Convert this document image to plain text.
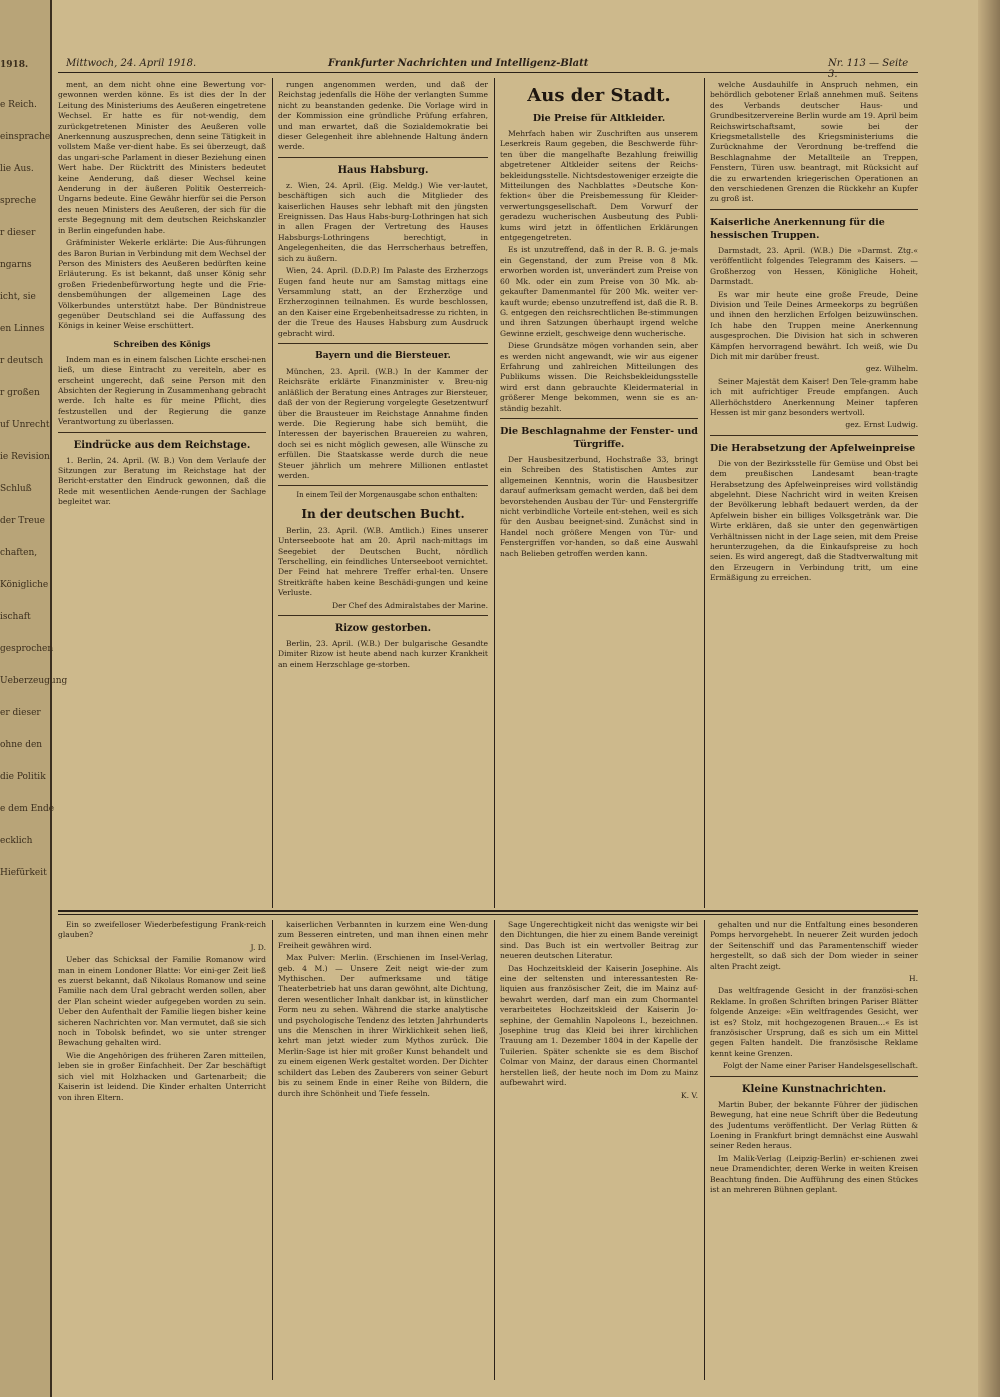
1918.
e Reich.
einsprache
lie Aus.
spreche
r dieser
ngarns
icht, sie
en Linnes
r deutsch
r großen
uf Unrecht
ie Revision
Schluß
der Treue
chaften,
Königliche
ischaft
gesprochen
Ueberzeugung
er dieser
ohne den
die Politik
e dem Ende
ecklich
Hiefürkeit
Mittwoch, 24. April 1918.	Frankfurter Nachrichten und Intelligenz-Blatt	Nr. 113 — Seite 3.

ment, an dem nicht ohne eine Bewertung vor-gewonnen werden könne. Es ist dies der In der Leitung des Ministeriums des Aeußeren eingetretene Wechsel. Er hatte es für not-wendig, dem zurückgetretenen Minister des Aeußeren volle Anerkennung auszusprechen, denn seine Tätigkeit in vollstem Maße ver-dient habe. Es sei überzeugt, daß das ungari-sche Parlament in dieser Beziehung einen Wert habe. Der Rücktritt des Ministers bedeutet keine Aenderung, daß dieser Wechsel keine Aenderung in der äußeren Politik Oesterreich-Ungarns bedeute. Eine Gewähr hierfür sei die Person des neuen Ministers des Aeußeren, der sich für die erste Begegnung mit dem deutschen Reichskanzler in Berlin eingefunden habe.

Gräfminister Wekerle erklärte: Die Aus-führungen des Baron Burian in Verbindung mit dem Wechsel der Person des Ministers des Aeußeren bedürften keine Erläuterung. Es ist bekannt, daß unser König sehr großen Friedenbefürwortung hegte und die Frie-densbemühungen der allgemeinen Lage des Völkerbundes unterstützt habe. Der Bündnistreue gegenüber Deutschland sei die Auffassung des Königs in keiner Weise erschüttert.

Schreiben des Königs

Indem man es in einem falschen Lichte erschei-nen ließ, um diese Eintracht zu vereiteln, aber es erscheint ungerecht, daß seine Person mit den Absichten der Regierung in Zusammenhang gebracht werde. Ich halte es für meine Pflicht, dies festzustellen und der Regierung die ganze Verantwortung zu überlassen.

Eindrücke aus dem Reichstage.

1. Berlin, 24. April. (W. B.) Von dem Verlaufe der Sitzungen zur Beratung im Reichstage hat der Bericht-erstatter den Eindruck gewonnen, daß die Rede mit wesentlichen Aende-rungen der Sachlage begleitet war.

rungen angenommen werden, und daß der Reichstag jedenfalls die Höhe der verlangten Summe nicht zu beanstanden gedenke. Die Vorlage wird in der Kommission eine gründliche Prüfung erfahren, und man erwartet, daß die Sozialdemokratie bei dieser Gelegenheit ihre ablehnende Haltung ändern werde.

Haus Habsburg.

z. Wien, 24. April. (Eig. Meldg.) Wie ver-lautet, beschäftigen sich auch die Mitglieder des kaiserlichen Hauses sehr lebhaft mit den jüngsten Ereignissen. Das Haus Habs-burg-Lothringen hat sich in allen Fragen der Vertretung des Hauses Habsburgs-Lothringens berechtigt, in Angelegenheiten, die das Herrscherhaus betreffen, sich zu äußern.

Wien, 24. April. (D.D.P.) Im Palaste des Erzherzogs Eugen fand heute nur am Samstag mittags eine Versammlung statt, an der Erzherzöge und Erzherzoginnen teilnahmen. Es wurde beschlossen, an den Kaiser eine Ergebenheitsadresse zu richten, in der die Treue des Hauses Habsburg zum Ausdruck gebracht wird.

Bayern und die Biersteuer.

München, 23. April. (W.B.) In der Kammer der Reichsräte erklärte Finanzminister v. Breu-nig anläßlich der Beratung eines Antrages zur Biersteuer, daß der von der Regierung vorgelegte Gesetzentwurf über die Brausteuer im Reichstage Annahme finden werde. Die Regierung habe sich bemüht, die Interessen der bayerischen Brauereien zu wahren, doch sei es nicht möglich gewesen, alle Wünsche zu erfüllen. Die Staatskasse werde durch die neue Steuer jährlich um mehrere Millionen entlastet werden.

In einem Teil der Morgenausgabe schon enthalten:

In der deutschen Bucht.

Berlin, 23. April. (W.B. Amtlich.) Eines unserer Unterseeboote hat am 20. April nach-mittags im Seegebiet der Deutschen Bucht, nördlich Terschelling, ein feindliches Unterseeboot vernichtet. Der Feind hat mehrere Treffer erhal-ten. Unsere Streitkräfte haben keine Beschädi-gungen und keine Verluste.

Der Chef des Admiralstabes der Marine.

Rizow gestorben.

Berlin, 23. April. (W.B.) Der bulgarische Gesandte Dimiter Rizow ist heute abend nach kurzer Krankheit an einem Herzschlage ge-storben.

Aus der Stadt.
Die Preise für Altkleider.

Mehrfach haben wir Zuschriften aus unserem Leserkreis Raum gegeben, die Beschwerde führ-ten über die mangelhafte Bezahlung freiwillig abgetretener Altkleider seitens der Reichs-bekleidungsstelle. Nichtsdestoweniger erzeigte die Mitteilungen des Nachblattes »Deutsche Kon-fektion« über die Preisbemessung für Kleider-verwertungsgesellschaft. Dem Vorwurf der geradezu wucherischen Ausbeutung des Publi-kums wird jetzt in öffentlichen Erklärungen entgegengetreten.

Es ist unzutreffend, daß in der R. B. G. je-mals ein Gegenstand, der zum Preise von 8 Mk. erworben worden ist, unverändert zum Preise von 60 Mk. oder ein zum Preise von 30 Mk. ab-gekaufter Damenmantel für 200 Mk. weiter ver-kauft wurde; ebenso unzutreffend ist, daß die R. B. G. entgegen den reichsrechtlichen Be-stimmungen und ihren Satzungen überhaupt irgend welche Gewinne erzielt, geschweige denn wucherische.

Diese Grundsätze mögen vorhanden sein, aber es werden nicht angewandt, wie wir aus eigener Erfahrung und zahlreichen Mitteilungen des Publikums wissen. Die Reichsbekleidungsstelle wird erst dann gebrauchte Kleidermaterial in größerer Menge bekommen, wenn sie es an-ständig bezahlt.

Die Beschlagnahme der Fenster- und Türgriffe.

Der Hausbesitzerbund, Hochstraße 33, bringt ein Schreiben des Statistischen Amtes zur allgemeinen Kenntnis, worin die Hausbesitzer darauf aufmerksam gemacht werden, daß bei dem bevorstehenden Ausbau der Tür- und Fenstergriffe nicht verbindliche Vorteile ent-stehen, weil es sich für den Ausbau beeignet-sind. Zunächst sind in Handel noch größere Mengen von Tür- und Fenstergriffen vor-handen, so daß eine Auswahl nach Belieben getroffen werden kann.

welche Ausdauhilfe in Anspruch nehmen, ein behördlich gebotener Erlaß annehmen muß. Seitens des Verbands deutscher Haus- und Grundbesitzervereine Berlin wurde am 19. April beim Reichswirtschaftsamt, sowie bei der Kriegsmetallstelle des Kriegsministeriums die Zurücknahme der Verordnung be-treffend die Beschlagnahme der Metallteile an Treppen, Fenstern, Türen usw. beantragt, mit Rücksicht auf die zu erwartenden kriegerischen Operationen an den verschiedenen Grenzen die Rückkehr an Kupfer zu groß ist.

Kaiserliche Anerkennung für die hessischen Truppen.

Darmstadt, 23. April. (W.B.) Die »Darmst. Ztg.« veröffentlicht folgendes Telegramm des Kaisers. — Großherzog von Hessen, Königliche Hoheit, Darmstadt.

Es war mir heute eine große Freude, Deine Division und Teile Deines Armeekorps zu begrüßen und ihnen den herzlichen Erfolgen beizuwünschen. Ich habe den Truppen meine Anerkennung ausgesprochen. Die Division hat sich in schweren Kämpfen hervorragend bewährt. Ich weiß, wie Du Dich mit mir darüber freust.

gez. Wilhelm.

Seiner Majestät dem Kaiser! Den Tele-gramm habe ich mit aufrichtiger Freude empfangen. Auch Allerhöchstdero Anerkennung Meiner tapferen Hessen ist mir ganz besonders wertvoll.

gez. Ernst Ludwig.

Die Herabsetzung der Apfelweinpreise

Die von der Bezirksstelle für Gemüse und Obst bei dem preußischen Landesamt bean-tragte Herabsetzung des Apfelweinpreises wird vollständig abgelehnt. Diese Nachricht wird in weiten Kreisen der Bevölkerung lebhaft bedauert werden, da der Apfelwein bisher ein billiges Volksgetränk war. Die Wirte erklären, daß sie unter den gegenwärtigen Verhältnissen nicht in der Lage seien, mit dem Preise herunterzugehen, da die Einkaufspreise zu hoch seien. Es wird angeregt, daß die Stadtverwaltung mit den Erzeugern in Verbindung tritt, um eine Ermäßigung zu erreichen.

Ein so zweifelloser Wiederbefestigung Frank-reich glauben?

J. D.

Ueber das Schicksal der Familie Romanow wird man in einem Londoner Blatte: Vor eini-ger Zeit ließ es zuerst bekannt, daß Nikolaus Romanow und seine Familie nach dem Ural gebracht werden sollen, aber der Plan scheint wieder aufgegeben worden zu sein. Ueber den Aufenthalt der Familie liegen bisher keine sicheren Nachrichten vor. Man vermutet, daß sie sich noch in Tobolsk befindet, wo sie unter strenger Bewachung gehalten wird.

Wie die Angehörigen des früheren Zaren mitteilen, leben sie in großer Einfachheit. Der Zar beschäftigt sich viel mit Holzhacken und Gartenarbeit; die Kaiserin ist leidend. Die Kinder erhalten Unterricht von ihren Eltern.

kaiserlichen Verbannten in kurzem eine Wen-dung zum Besseren eintreten, und man ihnen einen mehr Freiheit gewähren wird.

Max Pulver: Merlin. (Erschienen im Insel-Verlag, geb. 4 M.) — Unsere Zeit neigt wie-der zum Mythischen. Der aufmerksame und tätige Theaterbetrieb hat uns daran gewöhnt, alte Dichtung, deren wesentlicher Inhalt dankbar ist, in künstlicher Form neu zu sehen. Während die starke analytische und psychologische Tendenz des letzten Jahrhunderts uns die Menschen in ihrer Wirklichkeit sehen ließ, kehrt man jetzt wieder zum Mythos zurück. Die Merlin-Sage ist hier mit großer Kunst behandelt und zu einem eigenen Werk gestaltet worden. Der Dichter schildert das Leben des Zauberers von seiner Geburt bis zu seinem Ende in einer Reihe von Bildern, die durch ihre Schönheit und Tiefe fesseln.

Sage Ungerechtigkeit nicht das wenigste wir bei den Dichtungen, die hier zu einem Bande vereinigt sind. Das Buch ist ein wertvoller Beitrag zur neueren deutschen Literatur.

Das Hochzeitskleid der Kaiserin Josephine. Als eine der seltensten und interessantesten Re-liquien aus französischer Zeit, die im Mainz auf-bewahrt werden, darf man ein zum Chormantel verarbeitetes Hochzeitskleid der Kaiserin Jo-sephine, der Gemahlin Napoleons I., bezeichnen. Josephine trug das Kleid bei ihrer kirchlichen Trauung am 1. Dezember 1804 in der Kapelle der Tuilerien. Später schenkte sie es dem Bischof Colmar von Mainz, der daraus einen Chormantel herstellen ließ, der heute noch im Dom zu Mainz aufbewahrt wird.

K. V.

gehalten und nur die Entfaltung eines besonderen Pomps hervorgehebt. In neuerer Zeit wurden jedoch der Seitenschiff und das Paramentenschiff wieder hergestellt, so daß sich der Dom wieder in seiner alten Pracht zeigt.

H.

Das weltfragende Gesicht in der französi-schen Reklame. In großen Schriften bringen Pariser Blätter folgende Anzeige: »Ein weltfragendes Gesicht, wer ist es? Stolz, mit hochgezogenen Brauen...« Es ist französischer Ursprung, daß es sich um ein Mittel gegen Falten handelt. Die französische Reklame kennt keine Grenzen.

Folgt der Name einer Pariser Handelsgesellschaft.

Kleine Kunstnachrichten.

Martin Buber, der bekannte Führer der jüdischen Bewegung, hat eine neue Schrift über die Bedeutung des Judentums veröffentlicht. Der Verlag Rütten & Loening in Frankfurt bringt demnächst eine Auswahl seiner Reden heraus.

Im Malik-Verlag (Leipzig-Berlin) er-schienen zwei neue Dramendichter, deren Werke in weiten Kreisen Beachtung finden. Die Aufführung des einen Stückes ist an mehreren Bühnen geplant.
